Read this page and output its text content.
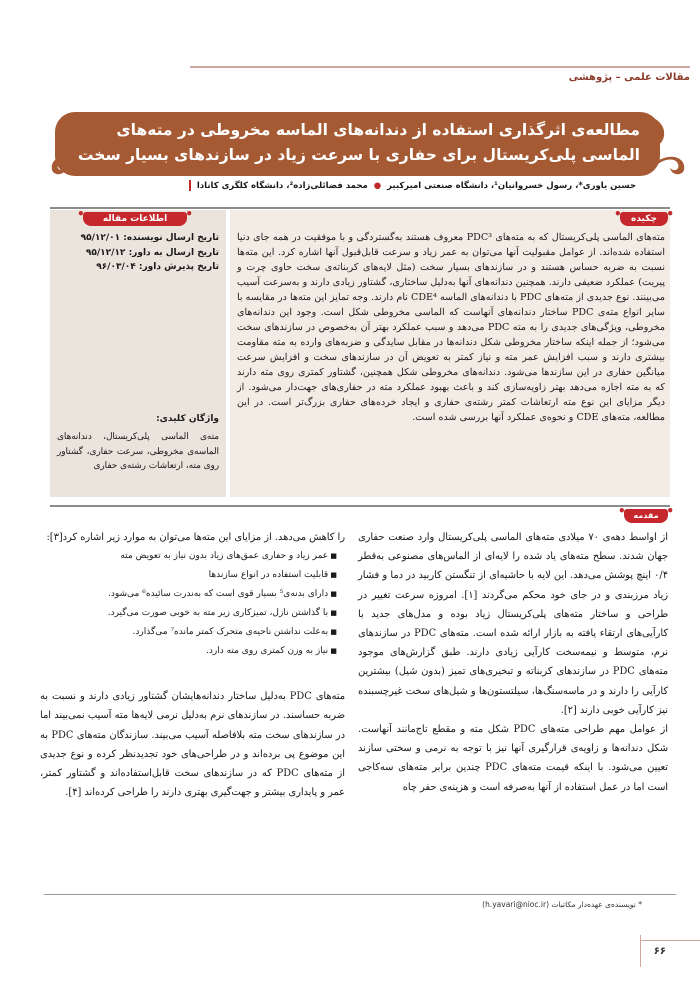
مقالات علمی – پژوهشی
مطالعه‌ی اثرگذاری استفاده از دندانه‌های الماسه مخروطی در مته‌های الماسی پلی‌کریستال برای حفاری با سرعت زیاد در سازندهای بسیار سخت
حسین یاوری*، رسول خسروانیان¹، دانشگاه صنعتی امیرکبیر ● محمد فضائلی‌زاده²، دانشگاه کلگری کانادا
• چکیده •
• اطلاعات مقاله •

مته‌های الماسی پلی‌کریستال که به مته‌های PDC³ معروف هستند به‌گستردگی و با موفقیت در همه جای دنیا استفاده شده‌اند. از عوامل مقبولیت آنها می‌توان به عمر زیاد و سرعت قابل‌قبول آنها اشاره کرد. این مته‌ها نسبت به ضربه حساس هستند و در سازندهای بسیار سخت (مثل لایه‌های کربناته‌ی سخت حاوی چرت و پیریت) عملکرد ضعیفی دارند. همچنین دندانه‌های آنها به‌دلیل ساختاری، گشتاور زیادی دارند و به‌سرعت آسیب می‌بینند. نوع جدیدی از مته‌های PDC با دندانه‌های الماسه CDE⁴ نام دارند. وجه تمایز این مته‌ها در مقایسه با سایر انواع مته‌ی PDC ساختار دندانه‌های آنهاست که الماسی مخروطی شکل است. وجود این دندانه‌های مخروطی، ویژگی‌های جدیدی را به مته PDC می‌دهد و سبب عملکرد بهتر آن به‌خصوص در سازندهای سخت می‌شود؛ از جمله اینکه ساختار مخروطی شکل دندانه‌ها در مقابل سایدگی و ضربه‌های وارده به مته مقاومت بیشتری دارند و سبب افزایش عمر مته و نیاز کمتر به تعویض آن در سازندهای سخت و افزایش سرعت میانگین حفاری در این سازندها می‌شود. دندانه‌های مخروطی شکل همچنین، گشتاور کمتری روی مته دارند که به مته اجازه می‌دهد بهتر زاویه‌سازی کند و باعث بهبود عملکرد مته در حفاری‌های جهت‌دار می‌شود. از دیگر مزایای این نوع مته ارتعاشات کمتر رشته‌ی حفاری و ایجاد خرده‌های حفاری بزرگ‌تر است. در این مطالعه، مته‌های CDE و نحوه‌ی عملکرد آنها بررسی شده است.

تاریخ ارسال نویسنده: ۹۵/۱۲/۰۱
تاریخ ارسال به داور: ۹۵/۱۲/۱۲
تاریخ پذیرش داور: ۹۶/۰۳/۰۴
واژگان کلیدی:

مته‌ی الماسی پلی‌کریستال، دندانه‌های الماسه‌ی مخروطی، سرعت حفاری، گشتاور روی مته، ارتعاشات رشته‌ی حفاری

• مقدمه •

از اواسط دهه‌ی ۷۰ میلادی مته‌های الماسی پلی‌کریستال وارد صنعت حفاری جهان شدند. سطح مته‌های یاد شده را لایه‌ای از الماس‌های مصنوعی به‌قطر ۰/۴ اینچ پوشش می‌دهد. این لایه با حاشیه‌ای از تنگستن کاربید در دما و فشار زیاد مرزبندی و در جای خود محکم می‌گردند [۱]. امروزه سرعت تغییر در طراحی و ساختار مته‌های پلی‌کریستال زیاد بوده و مدل‌های جدید با کارآیی‌های ارتقاء یافته به بازار ارائه شده است. مته‌های PDC در سازندهای نرم، متوسط و نیمه‌سخت کارآیی زیادی دارند. طبق گزارش‌های موجود مته‌های PDC در سازندهای کربناته و تبخیری‌های تمیز (بدون شیل) بیشترین کارآیی را دارند و در ماسه‌سنگ‌ها، سیلتستون‌ها و شیل‌های سخت غیرچسبنده نیز کارآیی خوبی دارند [۲].

از عوامل مهم طراحی مته‌های PDC شکل مته و مقطع تاج‌مانند آنهاست. شکل دندانه‌ها و زاویه‌ی قرارگیری آنها نیز با توجه به نرمی و سختی سازند تعیین می‌شود. با اینکه قیمت مته‌های PDC چندین برابر مته‌های سه‌کاجی است اما در عمل استفاده از آنها به‌صرفه است و هزینه‌ی حفر چاه

را کاهش می‌دهد. از مزایای این مته‌ها می‌توان به موارد زیر اشاره کرد[۳]:

■ عمر زیاد و حفاری عمق‌های زیاد بدون نیاز به تعویض مته
■ قابلیت استفاده در انواع سازندها
■ دارای بدنه‌ی⁵ بسیار قوی است که به‌ندرت سائیده⁶ می‌شود.
■ با گذاشتن نازل، تمیزکاری زیر مته به خوبی صورت می‌گیرد.
■ به‌علت نداشتن ناحیه‌ی متحرک کمتر مانده⁷ می‌گذارد.
■ نیاز به وزن کمتری روی مته دارد.

مته‌های PDC به‌دلیل ساختار دندانه‌هایشان گشتاور زیادی دارند و نسبت به ضربه حساسند. در سازندهای نرم به‌دلیل نرمی لایه‌ها مته آسیب نمی‌بیند اما در سازندهای سخت مته بلافاصله آسیب می‌بیند. سازندگان مته‌های PDC به این موضوع پی برده‌اند و در طراحی‌های خود تجدیدنظر کرده و نوع جدیدی از مته‌های PDC که در سازندهای سخت قابل‌استفاده‌اند و گشتاور کمتر، عمر و پایداری بیشتر و جهت‌گیری بهتری دارند را طراحی کرده‌اند [۴].

* نویسنده‌ی عهده‌دار مکاتبات (h.yavari@nioc.ir)
۶۶
